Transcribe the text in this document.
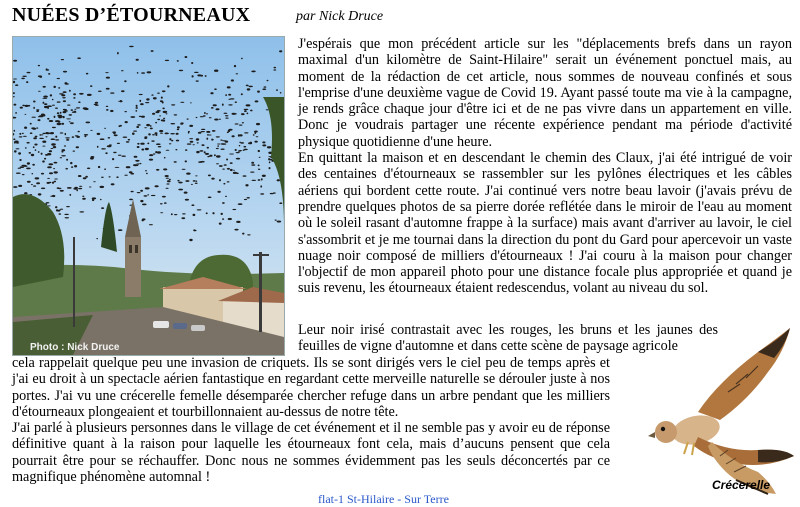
NUÉES D’ÉTOURNEAUX	par Nick Druce
Photo : Nick Druce

J'espérais que mon précédent article sur les "déplacements brefs dans un rayon maximal d'un kilomètre de Saint-Hilaire" serait un événement ponctuel mais, au moment de la rédaction de cet article, nous sommes de nouveau confinés et sous l'emprise d'une deuxième vague de Covid 19. Ayant passé toute ma vie à la campagne, je rends grâce chaque jour d'être ici et de ne pas vivre dans un appartement en ville. Donc je voudrais partager une récente expérience pendant ma période d'activité physique quotidienne d'une heure.

En quittant la maison et en descendant le chemin des Claux, j'ai été intrigué de voir des centaines d'étourneaux se rassembler sur les pylônes électriques et les câbles aériens qui bordent cette route. J'ai continué vers notre beau lavoir (j'avais prévu de prendre quelques photos de sa pierre dorée reflétée dans le miroir de l'eau au moment où le soleil rasant d'automne frappe à la surface) mais avant d'arriver au lavoir, le ciel s'assombrit et je me tournai dans la direction du pont du Gard pour apercevoir un vaste nuage noir composé de milliers d'étourneaux ! J'ai couru à la maison pour changer l'objectif de mon appareil photo pour une distance focale plus appropriée et quand je suis revenu, les étourneaux étaient redescendus, volant au niveau du sol.

Leur noir irisé contrastait avec les rouges, les bruns et les jaunes des feuilles de vigne d'automne et dans cette scène de paysage agricole

cela rappelait quelque peu une invasion de criquets. Ils se sont dirigés vers le ciel peu de temps après et j'ai eu droit à un spectacle aérien fantastique en regardant cette merveille naturelle se dérouler juste à nos portes. J'ai vu une crécerelle femelle désemparée chercher refuge dans un arbre pendant que les milliers d'étourneaux plongeaient et tourbillonnaient au-dessus de notre tête.

J'ai parlé à plusieurs personnes dans le village de cet événement et il ne semble pas y avoir eu de réponse définitive quant à la raison pour laquelle les étourneaux font cela, mais d’aucuns pensent que cela pourrait être pour se réchauffer. Donc nous ne sommes évidemment pas les seuls déconcertés par ce magnifique phénomène automnal !	Crécerelle
flat-1 St-Hilaire - Sur Terre
